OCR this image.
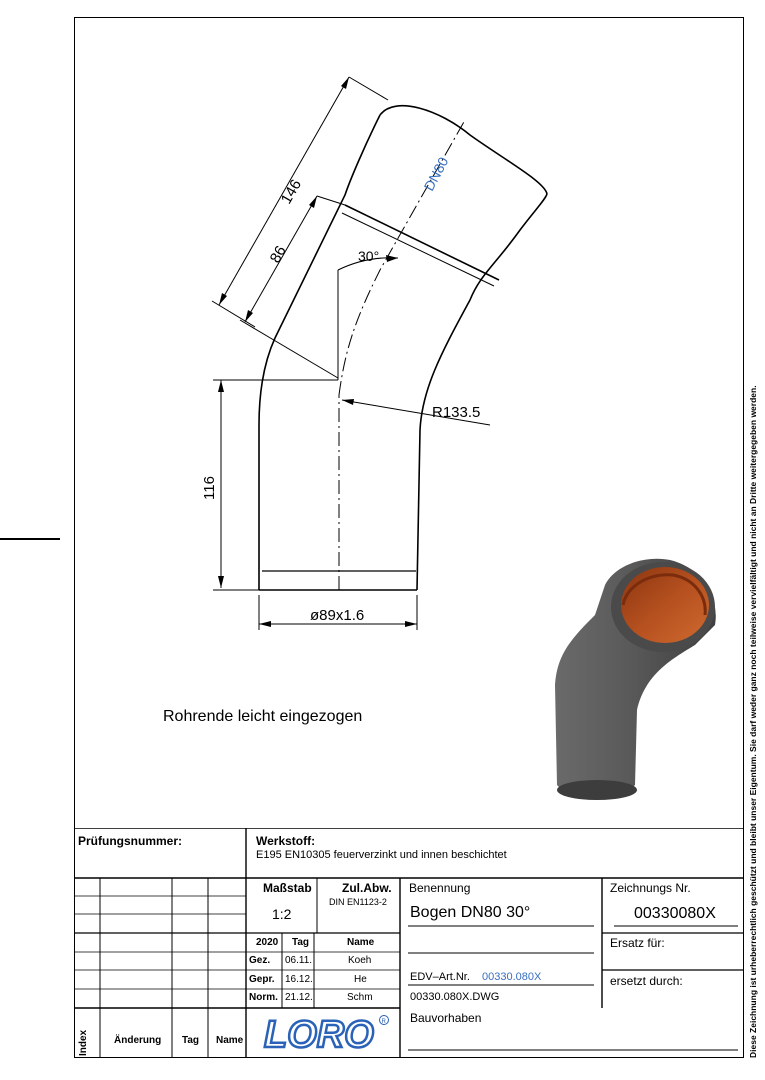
146
86	30°
R133.5
116
ø89x1.6
DN80
Rohrende leicht eingezogen	Diese Zeichnung ist urheberrechtlich geschützt und bleibt unser Eigentum. Sie darf weder ganz noch teilweise vervielfältigt und nicht an Dritte weitergegeben werden.
Prüfungsnummer:	Werkstoff:
E195 EN10305 feuerverzinkt und innen beschichtet
Maßstab
1:2
Zul.Abw.
DIN EN1123-2
2020 Tag	Name
Gez. 06.11.	Koeh
Gepr. 16.12.	He
Norm. 21.12.	Schm
Benennung
Bogen DN80 30°
EDV–Art.Nr. 00330.080X
00330.080X.DWG
Bauvorhaben
Zeichnungs Nr.
00330080X
Ersatz für:
ersetzt durch:
Index	Änderung Tag Name LORO R
